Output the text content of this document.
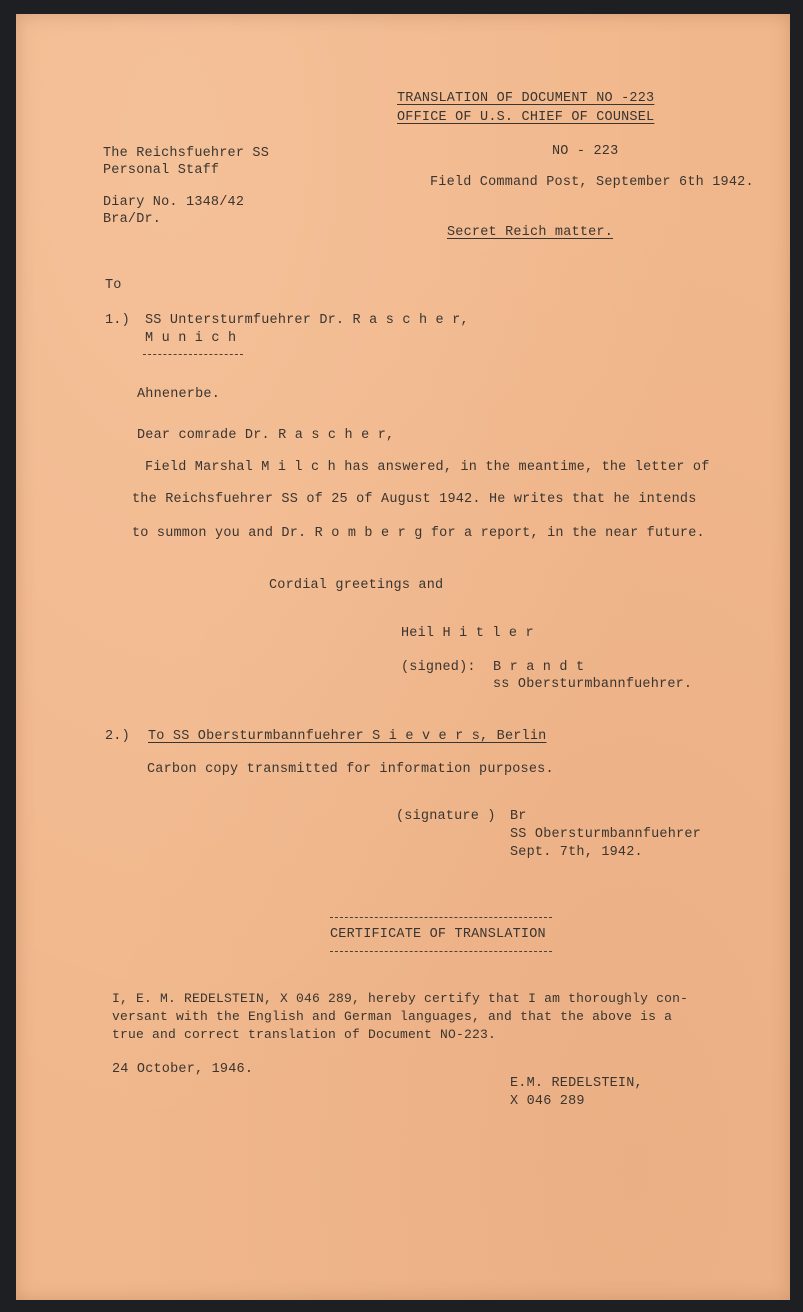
TRANSLATION OF DOCUMENT NO -223
OFFICE OF U.S. CHIEF OF COUNSEL
NO - 223
Field Command Post, September 6th 1942.
Secret Reich matter.
The Reichsfuehrer SS
Personal Staff
Diary No. 1348/42
Bra/Dr.
To
1.) SS Untersturmfuehrer Dr. R a s c h e r,
M u n i c h
Ahnenerbe.
Dear comrade Dr. R a s c h e r,
Field Marshal M i l c h has answered, in the meantime, the letter of
the Reichsfuehrer SS of 25 of August 1942. He writes that he intends
to summon you and Dr. R o m b e r g for a report, in the near future.
Cordial greetings and
Heil H i t l e r
(signed): B r a n d t
ss Obersturmbannfuehrer.
2.) To SS Obersturmbannfuehrer S i e v e r s, Berlin
Carbon copy transmitted for information purposes.
(signature ) Br
SS Obersturmbannfuehrer
Sept. 7th, 1942.
CERTIFICATE OF TRANSLATION
I, E. M. REDELSTEIN, X 046 289, hereby certify that I am thoroughly con-
versant with the English and German languages, and that the above is a
true and correct translation of Document NO-223.
24 October, 1946.
E.M. REDELSTEIN,
X 046 289
